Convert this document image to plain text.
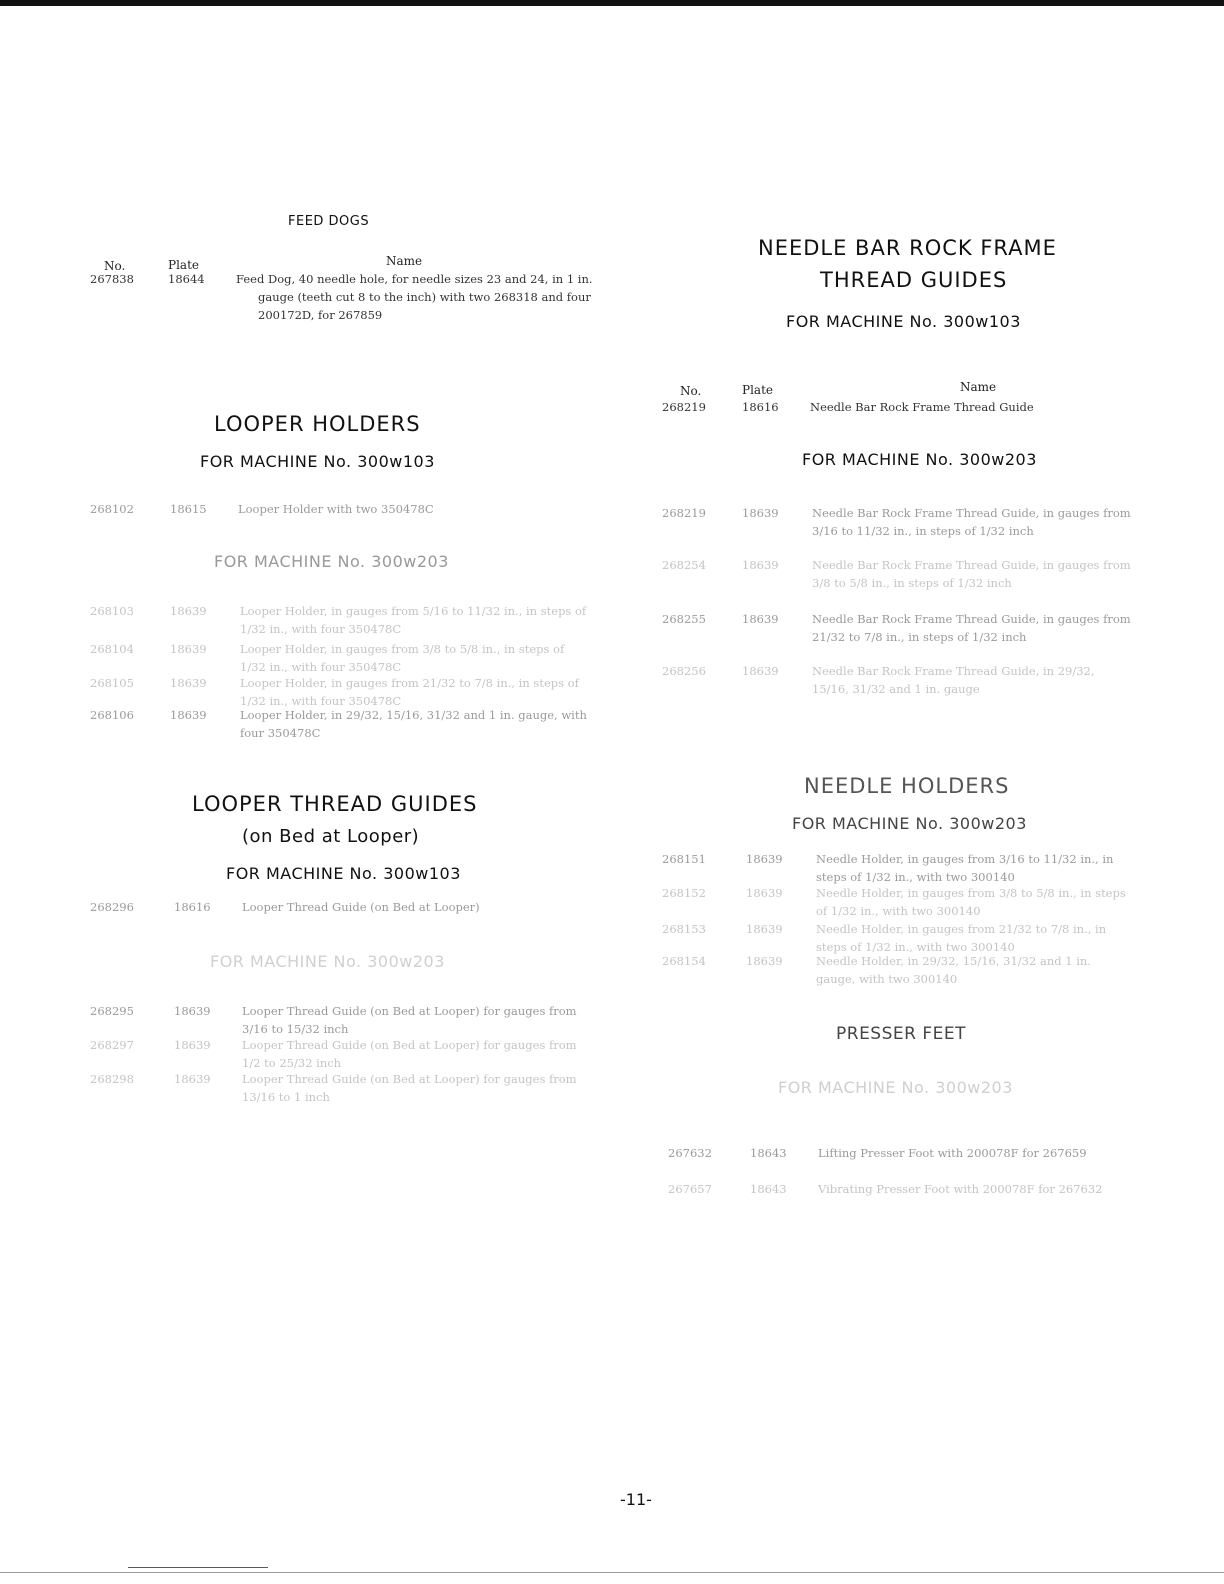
FEED DOGS
No.	Plate	Name
267838	18644	Feed Dog, 40 needle hole, for needle sizes 23 and 24, in 1 in. gauge (teeth cut 8 to the inch) with two 268318 and four 200172D, for 267859
LOOPER HOLDERS
FOR MACHINE No. 300w103
268102	18615	Looper Holder with two 350478C
FOR MACHINE No. 300w203
268103	18639	Looper Holder, in gauges from 5/16 to 11/32 in., in steps of 1/32 in., with four 350478C
268104	18639	Looper Holder, in gauges from 3/8 to 5/8 in., in steps of 1/32 in., with four 350478C
268105	18639	Looper Holder, in gauges from 21/32 to 7/8 in., in steps of 1/32 in., with four 350478C
268106	18639	Looper Holder, in 29/32, 15/16, 31/32 and 1 in. gauge, with four 350478C
LOOPER THREAD GUIDES
(on Bed at Looper)
FOR MACHINE No. 300w103
268296	18616	Looper Thread Guide (on Bed at Looper)
FOR MACHINE No. 300w203
268295	18639	Looper Thread Guide (on Bed at Looper) for gauges from 3/16 to 15/32 inch
268297	18639	Looper Thread Guide (on Bed at Looper) for gauges from 1/2 to 25/32 inch
268298	18639	Looper Thread Guide (on Bed at Looper) for gauges from 13/16 to 1 inch
NEEDLE BAR ROCK FRAME
THREAD GUIDES
FOR MACHINE No. 300w103
No.	Plate	Name
268219	18616	Needle Bar Rock Frame Thread Guide
FOR MACHINE No. 300w203
268219	18639	Needle Bar Rock Frame Thread Guide, in gauges from 3/16 to 11/32 in., in steps of 1/32 inch
268254	18639	Needle Bar Rock Frame Thread Guide, in gauges from 3/8 to 5/8 in., in steps of 1/32 inch
268255	18639	Needle Bar Rock Frame Thread Guide, in gauges from 21/32 to 7/8 in., in steps of 1/32 inch
268256	18639	Needle Bar Rock Frame Thread Guide, in 29/32, 15/16, 31/32 and 1 in. gauge
NEEDLE HOLDERS
FOR MACHINE No. 300w203
268151	18639	Needle Holder, in gauges from 3/16 to 11/32 in., in steps of 1/32 in., with two 300140
268152	18639	Needle Holder, in gauges from 3/8 to 5/8 in., in steps of 1/32 in., with two 300140
268153	18639	Needle Holder, in gauges from 21/32 to 7/8 in., in steps of 1/32 in., with two 300140
268154	18639	Needle Holder, in 29/32, 15/16, 31/32 and 1 in. gauge, with two 300140
PRESSER FEET
FOR MACHINE No. 300w203
267632	18643	Lifting Presser Foot with 200078F for 267659
267657	18643	Vibrating Presser Foot with 200078F for 267632
-11-
